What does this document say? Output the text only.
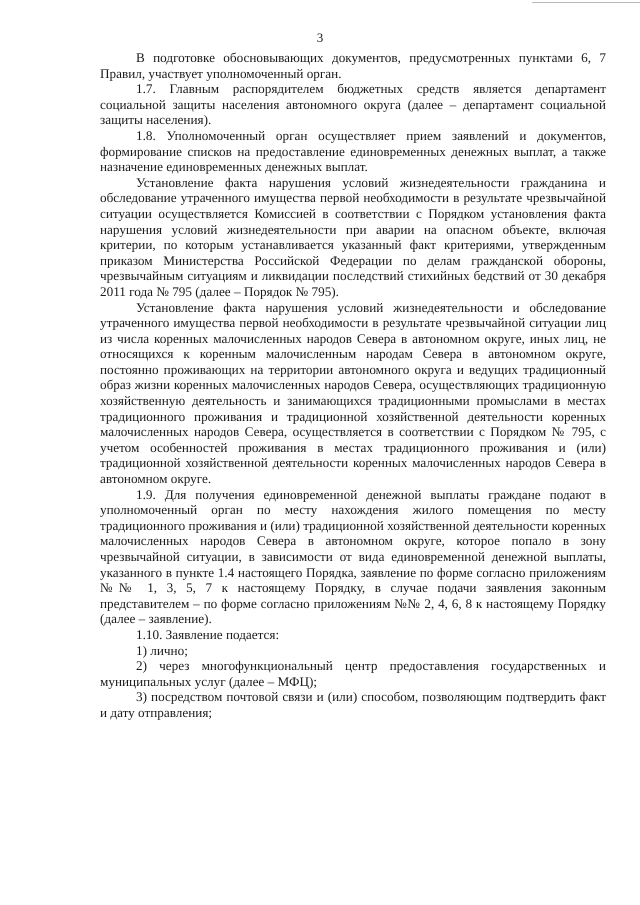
3

В подготовке обосновывающих документов, предусмотренных пунктами 6, 7 Правил, участвует уполномоченный орган.

1.7. Главным распорядителем бюджетных средств является департамент социальной защиты населения автономного округа (далее – департамент социальной защиты населения).

1.8. Уполномоченный орган осуществляет прием заявлений и документов, формирование списков на предоставление единовременных денежных выплат, а также назначение единовременных денежных выплат.

Установление факта нарушения условий жизнедеятельности гражданина и обследование утраченного имущества первой необходимости в результате чрезвычайной ситуации осуществляется Комиссией в соответствии с Порядком установления факта нарушения условий жизнедеятельности при аварии на опасном объекте, включая критерии, по которым устанавливается указанный факт критериями, утвержденным приказом Министерства Российской Федерации по делам гражданской обороны, чрезвычайным ситуациям и ликвидации последствий стихийных бедствий от 30 декабря 2011 года № 795 (далее – Порядок № 795).

Установление факта нарушения условий жизнедеятельности и обследование утраченного имущества первой необходимости в результате чрезвычайной ситуации лиц из числа коренных малочисленных народов Севера в автономном округе, иных лиц, не относящихся к коренным малочисленным народам Севера в автономном округе, постоянно проживающих на территории автономного округа и ведущих традиционный образ жизни коренных малочисленных народов Севера, осуществляющих традиционную хозяйственную деятельность и занимающихся традиционными промыслами в местах традиционного проживания и традиционной хозяйственной деятельности коренных малочисленных народов Севера, осуществляется в соответствии с Порядком № 795, с учетом особенностей проживания в местах традиционного проживания и (или) традиционной хозяйственной деятельности коренных малочисленных народов Севера в автономном округе.

1.9. Для получения единовременной денежной выплаты граждане подают в уполномоченный орган по месту нахождения жилого помещения по месту традиционного проживания и (или) традиционной хозяйственной деятельности коренных малочисленных народов Севера в автономном округе, которое попало в зону чрезвычайной ситуации, в зависимости от вида единовременной денежной выплаты, указанного в пункте 1.4 настоящего Порядка, заявление по форме согласно приложениям №№ 1, 3, 5, 7 к настоящему Порядку, в случае подачи заявления законным представителем – по форме согласно приложениям №№ 2, 4, 6, 8 к настоящему Порядку (далее – заявление).

1.10. Заявление подается:

1) лично;

2) через многофункциональный центр предоставления государственных и муниципальных услуг (далее – МФЦ);

3) посредством почтовой связи и (или) способом, позволяющим подтвердить факт и дату отправления;
